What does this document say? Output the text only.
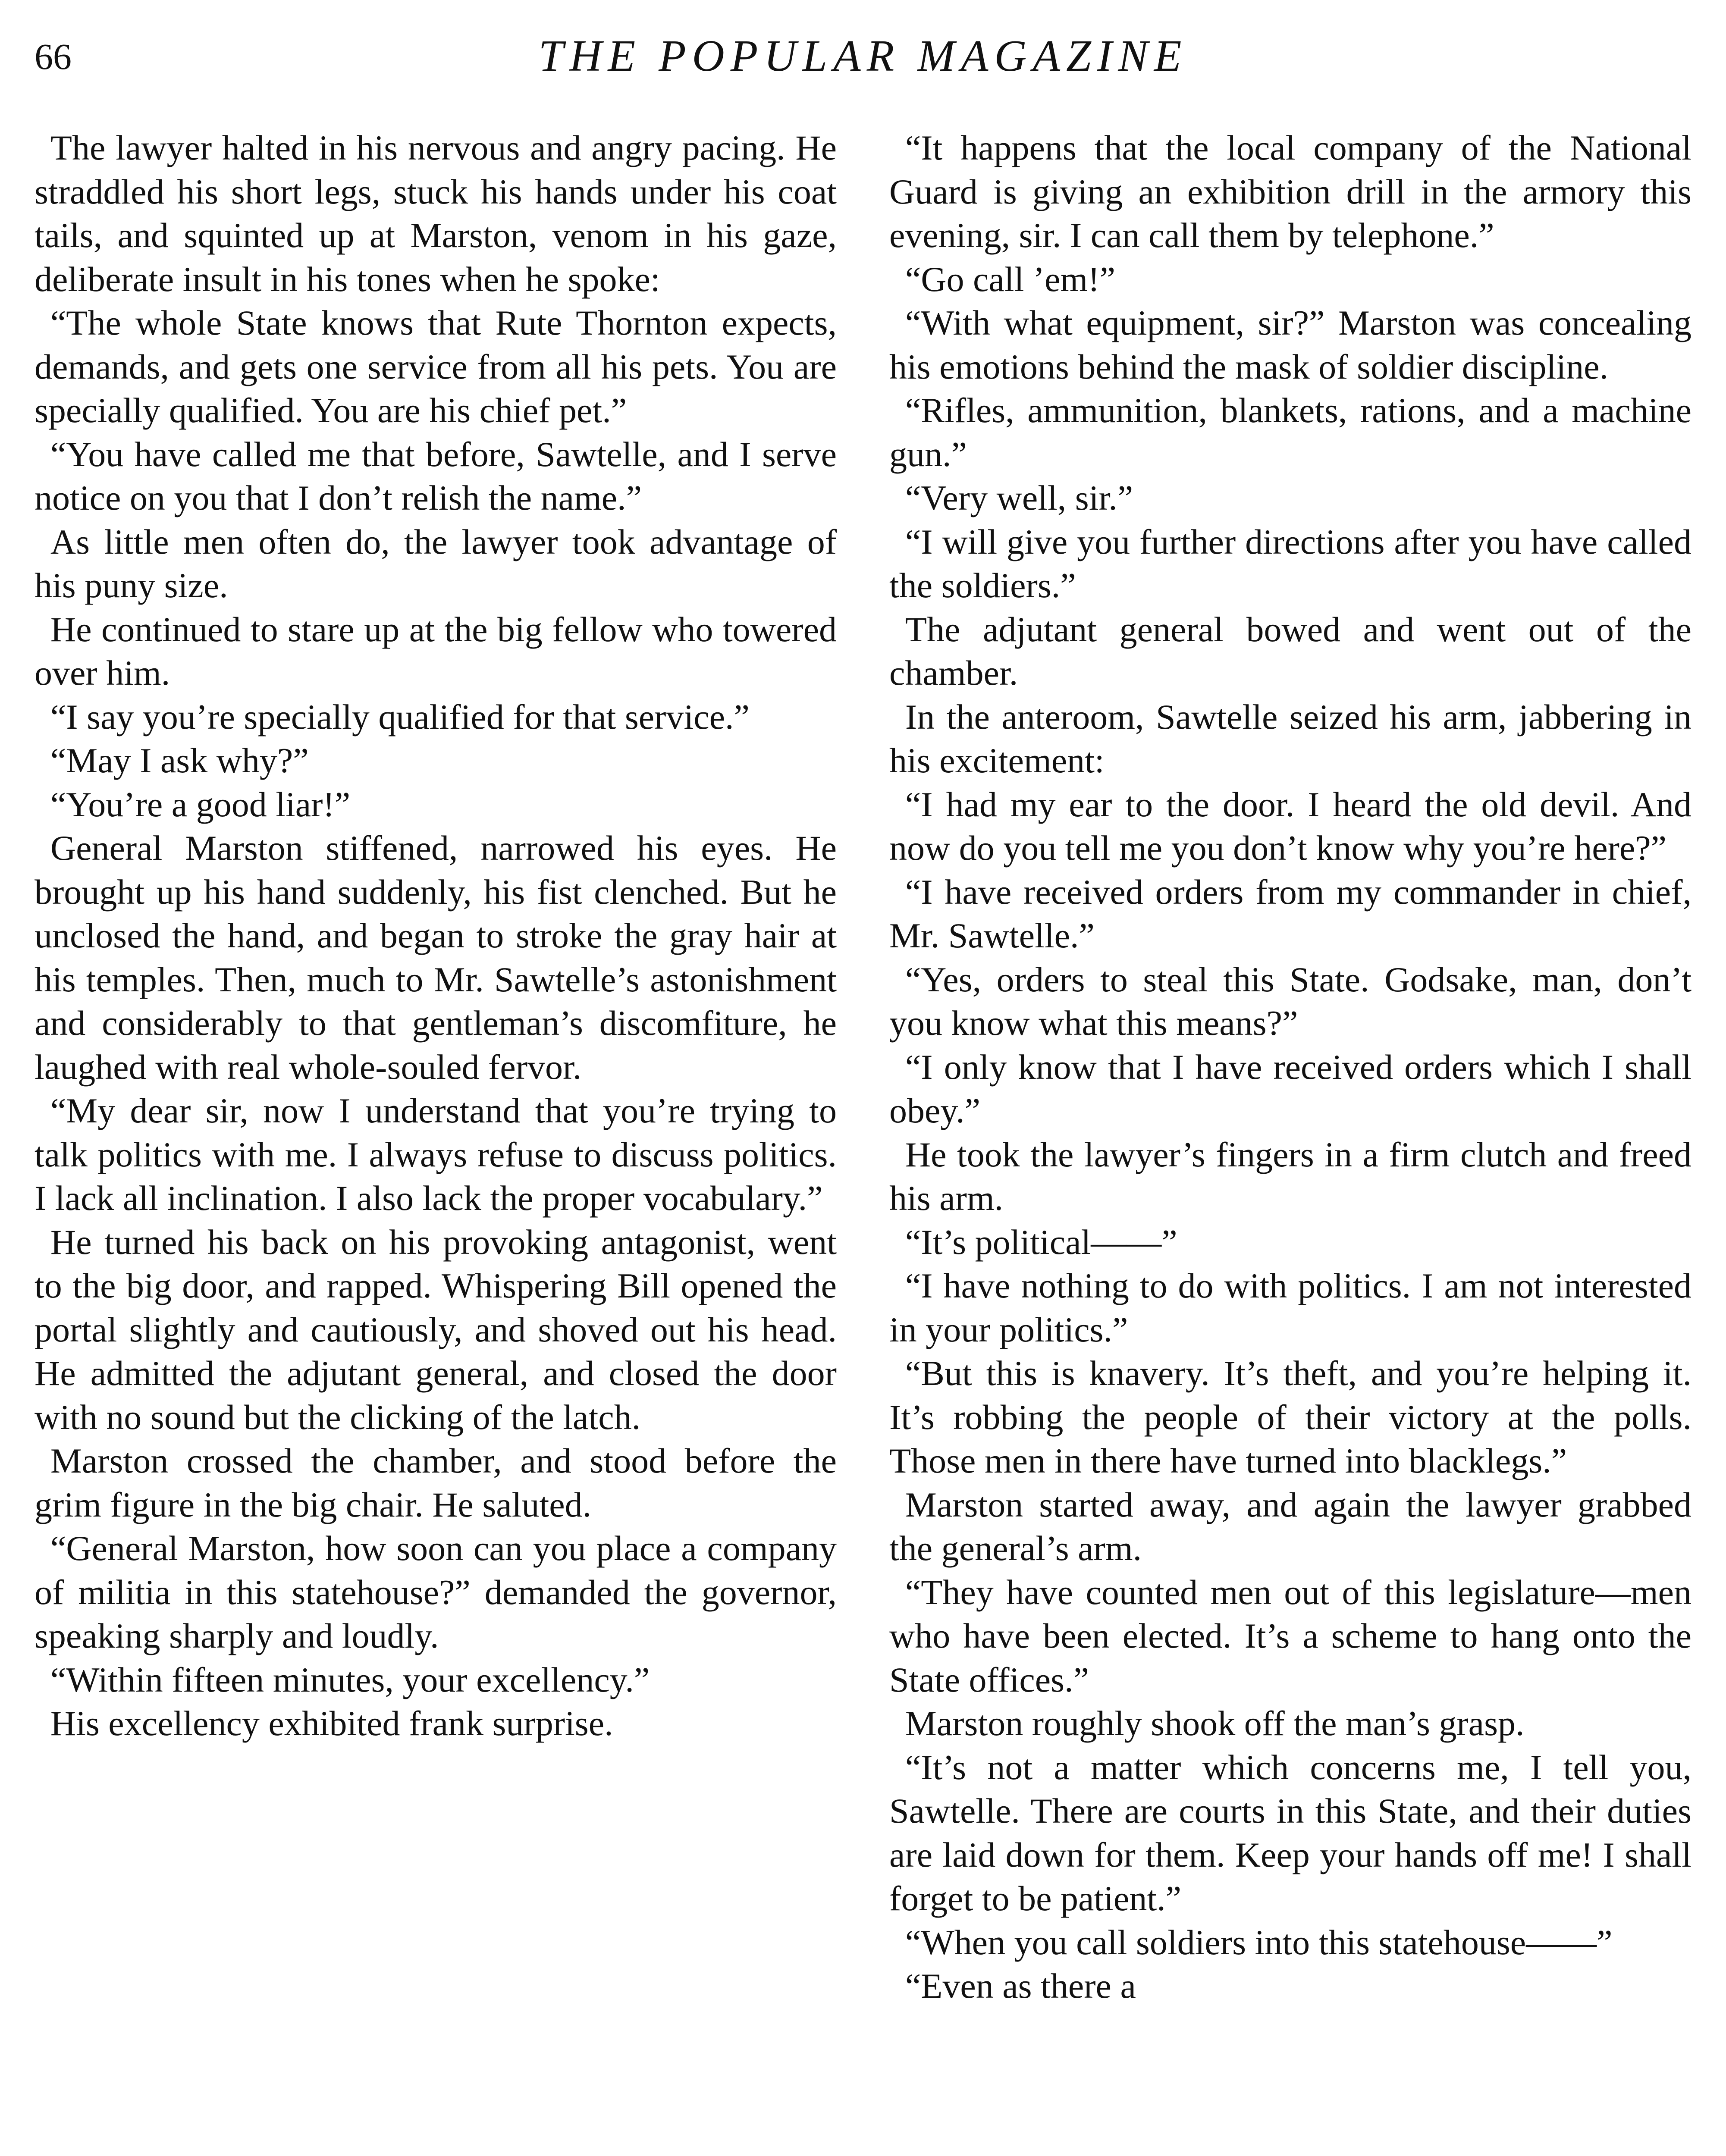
66	THE POPULAR MAGAZINE

The lawyer halted in his nervous and angry pacing. He straddled his short legs, stuck his hands under his coat tails, and squinted up at Marston, venom in his gaze, deliberate insult in his tones when he spoke:

“The whole State knows that Rute Thornton expects, demands, and gets one service from all his pets. You are specially qualified. You are his chief pet.”

“You have called me that before, Sawtelle, and I serve notice on you that I don’t relish the name.”

As little men often do, the lawyer took advantage of his puny size.

He continued to stare up at the big fellow who towered over him.

“I say you’re specially qualified for that service.”

“May I ask why?”

“You’re a good liar!”

General Marston stiffened, narrowed his eyes. He brought up his hand suddenly, his fist clenched. But he unclosed the hand, and began to stroke the gray hair at his temples. Then, much to Mr. Sawtelle’s astonishment and considerably to that gentleman’s discomfiture, he laughed with real whole-souled fervor.

“My dear sir, now I understand that you’re trying to talk politics with me. I always refuse to discuss politics. I lack all inclination. I also lack the proper vocabulary.”

He turned his back on his provoking antagonist, went to the big door, and rapped. Whispering Bill opened the portal slightly and cautiously, and shoved out his head. He admitted the adjutant general, and closed the door with no sound but the clicking of the latch.

Marston crossed the chamber, and stood before the grim figure in the big chair. He saluted.

“General Marston, how soon can you place a company of militia in this statehouse?” demanded the governor, speaking sharply and loudly.

“Within fifteen minutes, your excellency.”

His excellency exhibited frank surprise.

“It happens that the local company of the National Guard is giving an exhibition drill in the armory this evening, sir. I can call them by telephone.”

“Go call ’em!”

“With what equipment, sir?” Marston was concealing his emotions behind the mask of soldier discipline.

“Rifles, ammunition, blankets, rations, and a machine gun.”

“Very well, sir.”

“I will give you further directions after you have called the soldiers.”

The adjutant general bowed and went out of the chamber.

In the anteroom, Sawtelle seized his arm, jabbering in his excitement:

“I had my ear to the door. I heard the old devil. And now do you tell me you don’t know why you’re here?”

“I have received orders from my commander in chief, Mr. Sawtelle.”

“Yes, orders to steal this State. Godsake, man, don’t you know what this means?”

“I only know that I have received orders which I shall obey.”

He took the lawyer’s fingers in a firm clutch and freed his arm.

“It’s political——”

“I have nothing to do with politics. I am not interested in your politics.”

“But this is knavery. It’s theft, and you’re helping it. It’s robbing the people of their victory at the polls. Those men in there have turned into blacklegs.”

Marston started away, and again the lawyer grabbed the general’s arm.

“They have counted men out of this legislature—men who have been elected. It’s a scheme to hang onto the State offices.”

Marston roughly shook off the man’s grasp.

“It’s not a matter which concerns me, I tell you, Sawtelle. There are courts in this State, and their duties are laid down for them. Keep your hands off me! I shall forget to be patient.”

“When you call soldiers into this statehouse——”

“Even as there a
